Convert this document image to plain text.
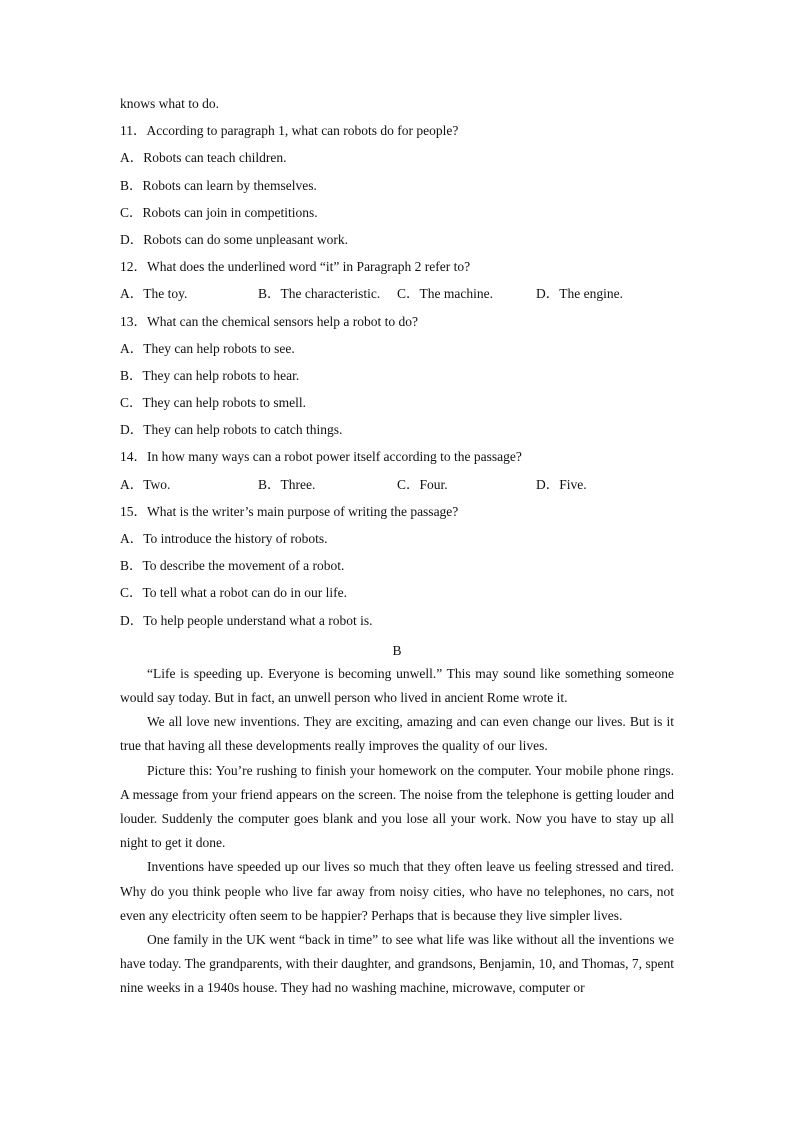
knows what to do.
11．According to paragraph 1, what can robots do for people?
A．Robots can teach children.
B．Robots can learn by themselves.
C．Robots can join in competitions.
D．Robots can do some unpleasant work.
12．What does the underlined word “it” in Paragraph 2 refer to?
A．The toy.	B．The characteristic.	C．The machine.	D．The engine.
13．What can the chemical sensors help a robot to do?
A．They can help robots to see.
B．They can help robots to hear.
C．They can help robots to smell.
D．They can help robots to catch things.
14．In how many ways can a robot power itself according to the passage?
A．Two.	B．Three.	C．Four.	D．Five.
15．What is the writer’s main purpose of writing the passage?
A．To introduce the history of robots.
B．To describe the movement of a robot.
C．To tell what a robot can do in our life.
D．To help people understand what a robot is.
B

“Life is speeding up. Everyone is becoming unwell.” This may sound like something someone would say today. But in fact, an unwell person who lived in ancient Rome wrote it.

We all love new inventions. They are exciting, amazing and can even change our lives. But is it true that having all these developments really improves the quality of our lives.

Picture this: You’re rushing to finish your homework on the computer. Your mobile phone rings. A message from your friend appears on the screen. The noise from the telephone is getting louder and louder. Suddenly the computer goes blank and you lose all your work. Now you have to stay up all night to get it done.

Inventions have speeded up our lives so much that they often leave us feeling stressed and tired. Why do you think people who live far away from noisy cities, who have no telephones, no cars, not even any electricity often seem to be happier? Perhaps that is because they live simpler lives.

One family in the UK went “back in time” to see what life was like without all the inventions we have today. The grandparents, with their daughter, and grandsons, Benjamin, 10, and Thomas, 7, spent nine weeks in a 1940s house. They had no washing machine, microwave, computer or
